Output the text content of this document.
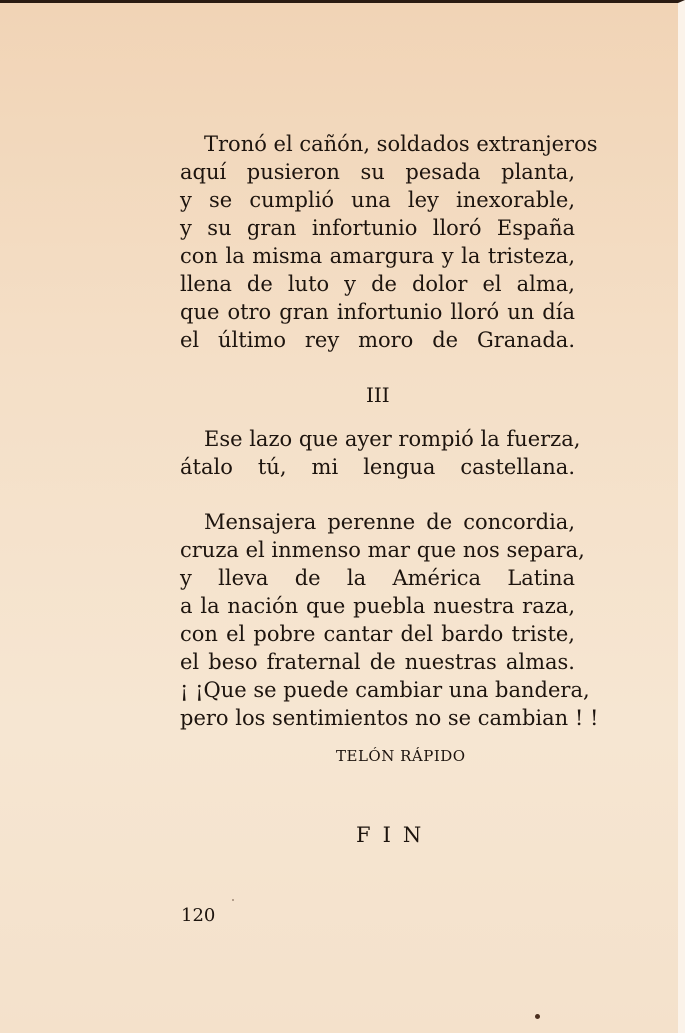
Tronó el cañón, soldados extranjeros
aquí pusieron su pesada planta,
y se cumplió una ley inexorable,
y su gran infortunio lloró España
con la misma amargura y la tristeza,
llena de luto y de dolor el alma,
que otro gran infortunio lloró un día
el último rey moro de Granada.
III
Ese lazo que ayer rompió la fuerza,
átalo tú, mi lengua castellana.
Mensajera perenne de concordia,
cruza el inmenso mar que nos separa,
y lleva de la América Latina
a la nación que puebla nuestra raza,
con el pobre cantar del bardo triste,
el beso fraternal de nuestras almas.
¡ ¡Que se puede cambiar una bandera,
pero los sentimientos no se cambian ! !
TELÓN RÁPIDO
FIN
120
